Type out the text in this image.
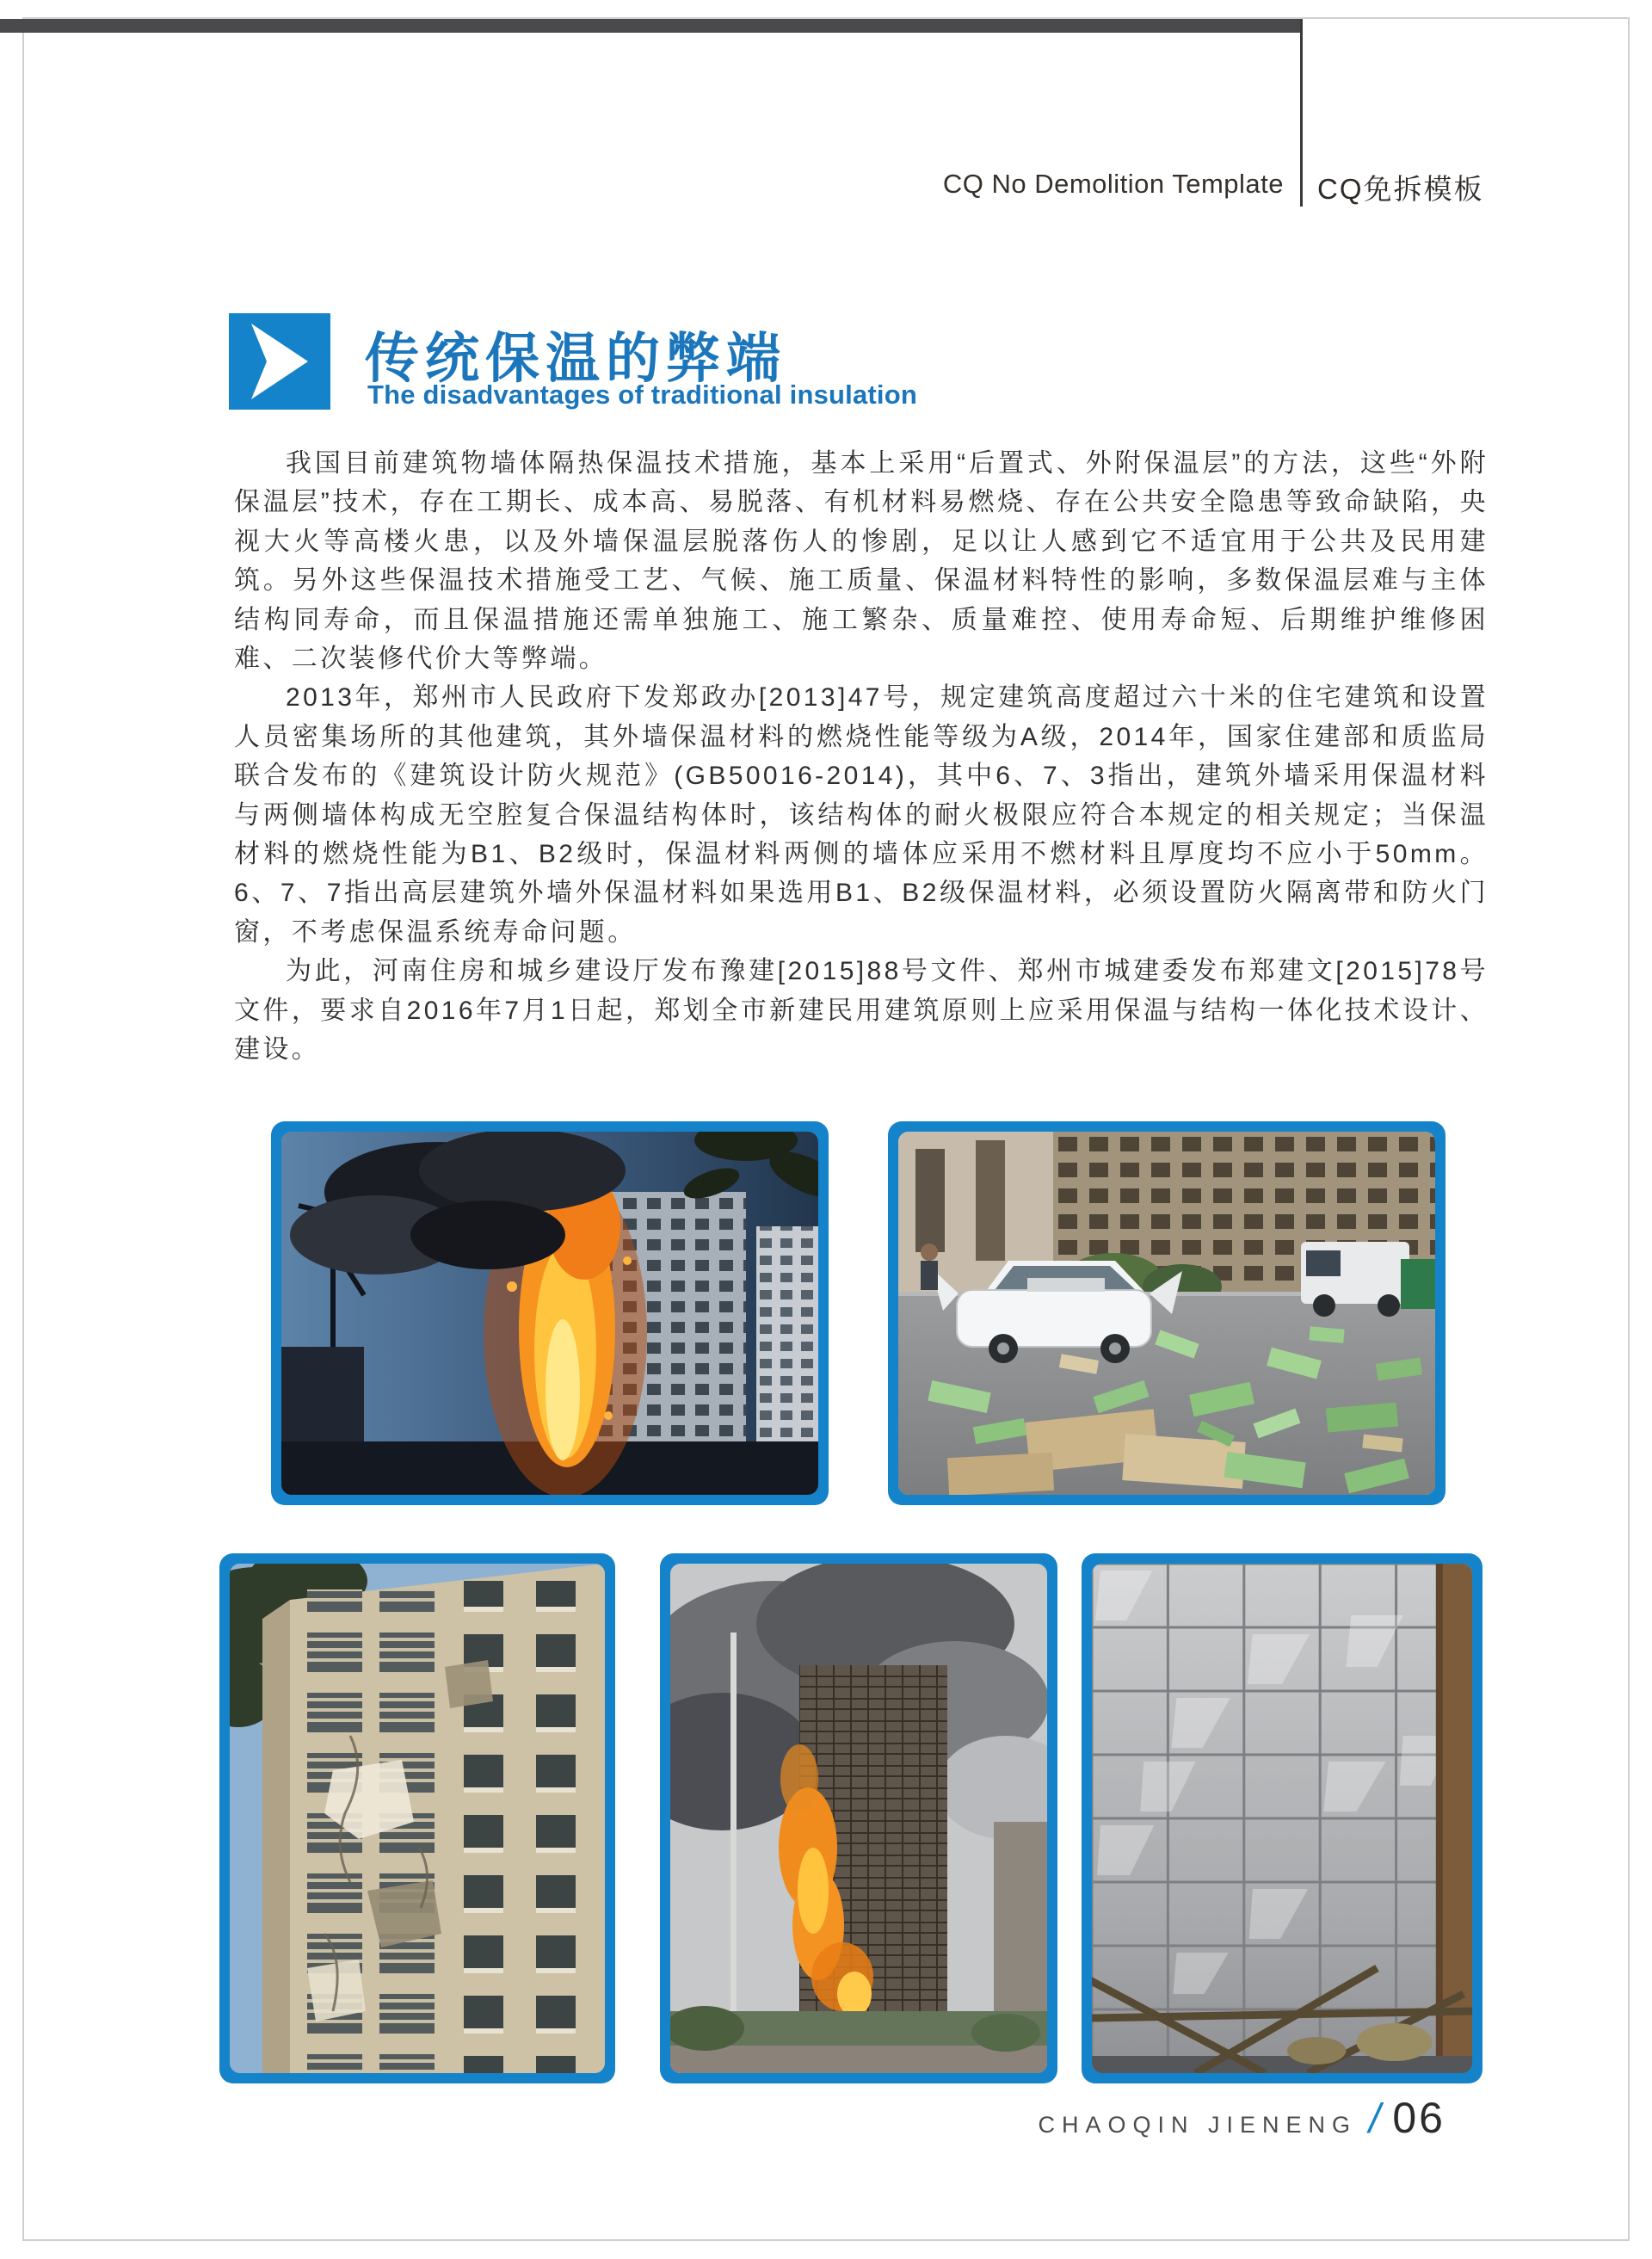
CQ No Demolition Template CQ免拆模板
传统保温的弊端
The disadvantages of traditional insulation

我国目前建筑物墙体隔热保温技术措施，基本上采用“后置式、外附保温层”的方法，这些“外附保温层”技术，存在工期长、成本高、易脱落、有机材料易燃烧、存在公共安全隐患等致命缺陷，央视大火等高楼火患，以及外墙保温层脱落伤人的惨剧，足以让人感到它不适宜用于公共及民用建筑。另外这些保温技术措施受工艺、气候、施工质量、保温材料特性的影响，多数保温层难与主体结构同寿命，而且保温措施还需单独施工、施工繁杂、质量难控、使用寿命短、后期维护维修困难、二次装修代价大等弊端。

2013年，郑州市人民政府下发郑政办[2013]47号，规定建筑高度超过六十米的住宅建筑和设置人员密集场所的其他建筑，其外墙保温材料的燃烧性能等级为A级，2014年，国家住建部和质监局联合发布的《建筑设计防火规范》(GB50016-2014)，其中6、7、3指出，建筑外墙采用保温材料与两侧墙体构成无空腔复合保温结构体时，该结构体的耐火极限应符合本规定的相关规定；当保温材料的燃烧性能为B1、B2级时，保温材料两侧的墙体应采用不燃材料且厚度均不应小于50mm。6、7、7指出高层建筑外墙外保温材料如果选用B1、B2级保温材料，必须设置防火隔离带和防火门窗，不考虑保温系统寿命问题。

为此，河南住房和城乡建设厅发布豫建[2015]88号文件、郑州市城建委发布郑建文[2015]78号文件，要求自2016年7月1日起，郑划全市新建民用建筑原则上应采用保温与结构一体化技术设计、建设。

CHAOQIN JIENENG / 06
